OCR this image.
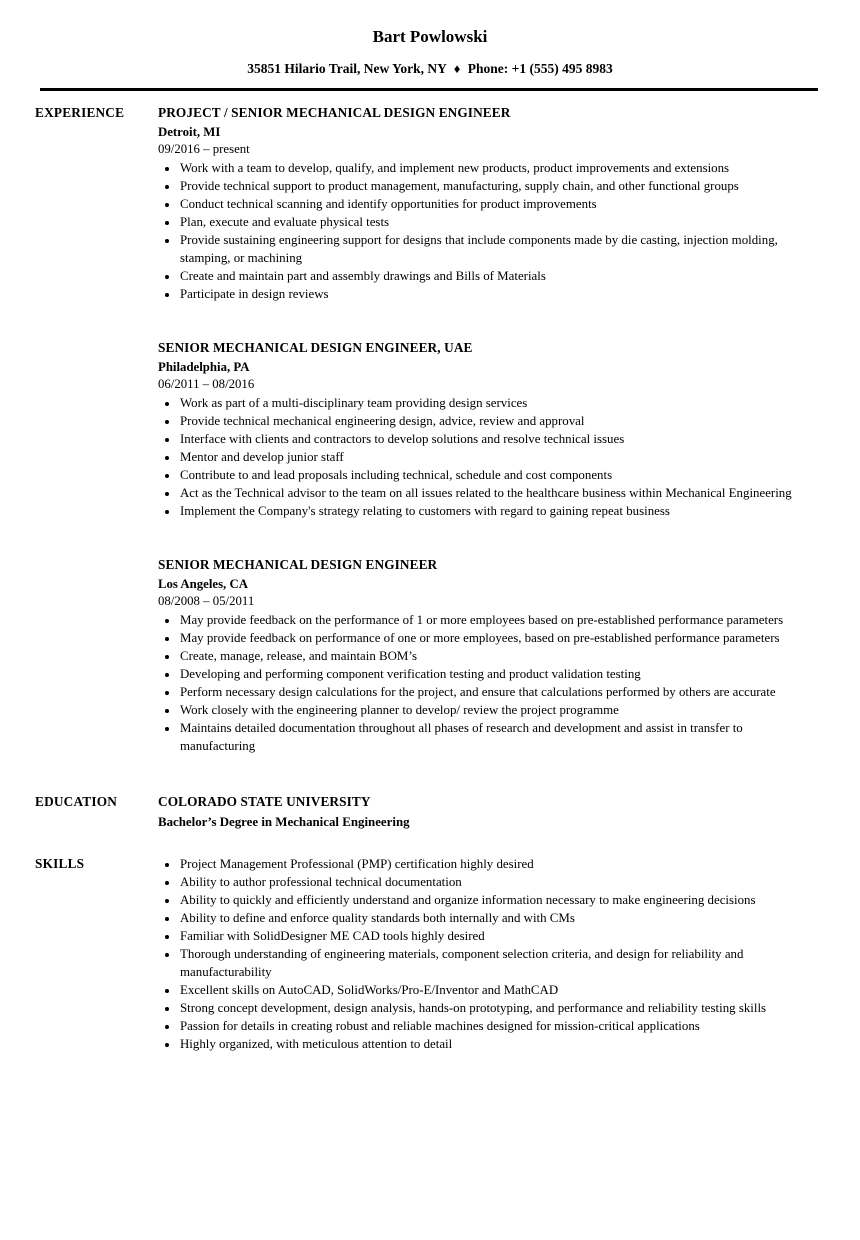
Bart Powlowski
35851 Hilario Trail, New York, NY ♦ Phone: +1 (555) 495 8983
EXPERIENCE	PROJECT / SENIOR MECHANICAL DESIGN ENGINEER
Detroit, MI
09/2016 – present
• Work with a team to develop, qualify, and implement new products, product improvements and extensions
• Provide technical support to product management, manufacturing, supply chain, and other functional groups
• Conduct technical scanning and identify opportunities for product improvements
• Plan, execute and evaluate physical tests
• Provide sustaining engineering support for designs that include components made by die casting, injection molding, stamping, or machining
• Create and maintain part and assembly drawings and Bills of Materials
• Participate in design reviews
SENIOR MECHANICAL DESIGN ENGINEER, UAE
Philadelphia, PA
06/2011 – 08/2016
• Work as part of a multi-disciplinary team providing design services
• Provide technical mechanical engineering design, advice, review and approval
• Interface with clients and contractors to develop solutions and resolve technical issues
• Mentor and develop junior staff
• Contribute to and lead proposals including technical, schedule and cost components
• Act as the Technical advisor to the team on all issues related to the healthcare business within Mechanical Engineering
• Implement the Company's strategy relating to customers with regard to gaining repeat business
SENIOR MECHANICAL DESIGN ENGINEER
Los Angeles, CA
08/2008 – 05/2011
• May provide feedback on the performance of 1 or more employees based on pre-established performance parameters
• May provide feedback on performance of one or more employees, based on pre-established performance parameters
• Create, manage, release, and maintain BOM’s
• Developing and performing component verification testing and product validation testing
• Perform necessary design calculations for the project, and ensure that calculations performed by others are accurate
• Work closely with the engineering planner to develop/ review the project programme
• Maintains detailed documentation throughout all phases of research and development and assist in transfer to manufacturing
EDUCATION	COLORADO STATE UNIVERSITY
Bachelor’s Degree in Mechanical Engineering
SKILLS	• Project Management Professional (PMP) certification highly desired
• Ability to author professional technical documentation
• Ability to quickly and efficiently understand and organize information necessary to make engineering decisions
• Ability to define and enforce quality standards both internally and with CMs
• Familiar with SolidDesigner ME CAD tools highly desired
• Thorough understanding of engineering materials, component selection criteria, and design for reliability and manufacturability
• Excellent skills on AutoCAD, SolidWorks/Pro-E/Inventor and MathCAD
• Strong concept development, design analysis, hands-on prototyping, and performance and reliability testing skills
• Passion for details in creating robust and reliable machines designed for mission-critical applications
• Highly organized, with meticulous attention to detail
